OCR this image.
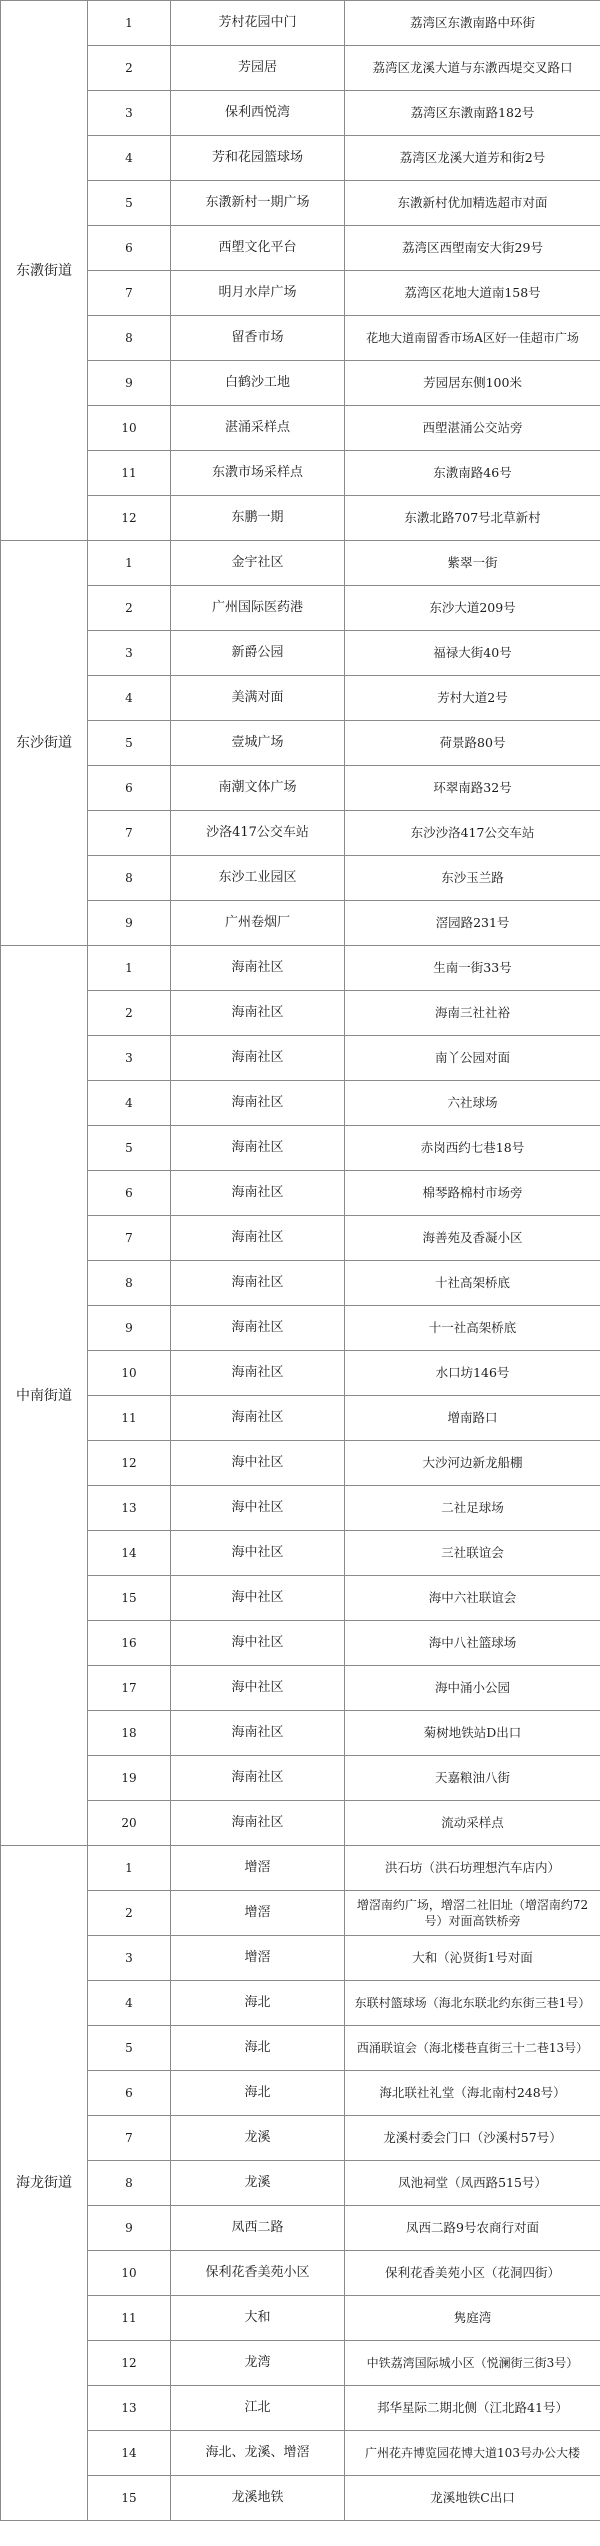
东漖街道	1	芳村花园中门	荔湾区东漖南路中环街
	2	芳园居	荔湾区龙溪大道与东漖西堤交叉路口
	3	保利西悦湾	荔湾区东漖南路182号
	4	芳和花园篮球场	荔湾区龙溪大道芳和街2号
	5	东漖新村一期广场	东漖新村优加精选超市对面
	6	西塱文化平台	荔湾区西塱南安大街29号
	7	明月水岸广场	荔湾区花地大道南158号
	8	留香市场	花地大道南留香市场A区好一佳超市广场
	9	白鹤沙工地	芳园居东侧100米
	10	湛涌采样点	西塱湛涌公交站旁
	11	东漖市场采样点	东漖南路46号
	12	东鹏一期	东漖北路707号北草新村
东沙街道	1	金宇社区	紫翠一街
	2	广州国际医药港	东沙大道209号
	3	新爵公园	福禄大街40号
	4	美满对面	芳村大道2号
	5	壹城广场	荷景路80号
	6	南潮文体广场	环翠南路32号
	7	沙洛417公交车站	东沙沙洛417公交车站
	8	东沙工业园区	东沙玉兰路
	9	广州卷烟厂	滘园路231号
中南街道	1	海南社区	生南一街33号
	2	海南社区	海南三社社裕
	3	海南社区	南丫公园对面
	4	海南社区	六社球场
	5	海南社区	赤岗西约七巷18号
	6	海南社区	棉琴路棉村市场旁
	7	海南社区	海善苑及香凝小区
	8	海南社区	十社高架桥底
	9	海南社区	十一社高架桥底
	10	海南社区	水口坊146号
	11	海南社区	增南路口
	12	海中社区	大沙河边新龙船棚
	13	海中社区	二社足球场
	14	海中社区	三社联谊会
	15	海中社区	海中六社联谊会
	16	海中社区	海中八社篮球场
	17	海中社区	海中涌小公园
	18	海南社区	菊树地铁站D出口
	19	海南社区	天嘉粮油八街
	20	海南社区	流动采样点
海龙街道	1	增滘	洪石坊（洪石坊理想汽车店内）
	2	增滘	增滘南约广场，增滘二社旧址（增滘南约72号）对面高铁桥旁
	3	增滘	大和（沁贤街1号对面
	4	海北	东联村篮球场（海北东联北约东街三巷1号）
	5	海北	西涌联谊会（海北楼巷直街三十二巷13号）
	6	海北	海北联社礼堂（海北南村248号）
	7	龙溪	龙溪村委会门口（沙溪村57号）
	8	龙溪	凤池祠堂（凤西路515号）
	9	凤西二路	凤西二路9号农商行对面
	10	保利花香美苑小区	保利花香美苑小区（花洞四街）
	11	大和	隽庭湾
	12	龙湾	中铁荔湾国际城小区（悦澜街三街3号）
	13	江北	邦华星际二期北侧（江北路41号）
	14	海北、龙溪、增滘	广州花卉博览园花博大道103号办公大楼
	15	龙溪地铁	龙溪地铁C出口
